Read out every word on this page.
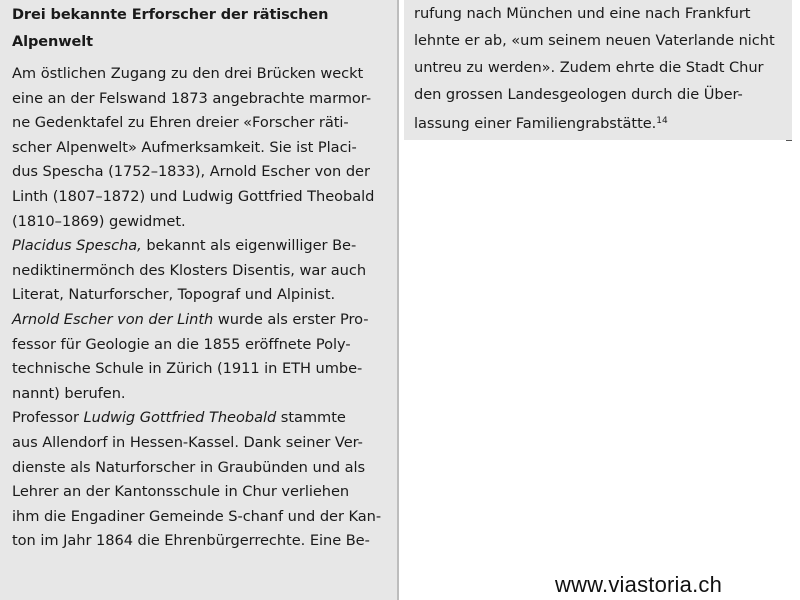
Drei bekannte Erforscher der rätischen
Alpenwelt
Am östlichen Zugang zu den drei Brücken weckt
eine an der Felswand 1873 angebrachte marmor-
ne Gedenktafel zu Ehren dreier «Forscher räti-
scher Alpenwelt» Aufmerksamkeit. Sie ist Placi-
dus Spescha (1752–1833), Arnold Escher von der
Linth (1807–1872) und Ludwig Gottfried Theobald
(1810–1869) gewidmet.
Placidus Spescha, bekannt als eigenwilliger Be-
nediktinermönch des Klosters Disentis, war auch
Literat, Naturforscher, Topograf und Alpinist.
Arnold Escher von der Linth wurde als erster Pro-
fessor für Geologie an die 1855 eröffnete Poly-
technische Schule in Zürich (1911 in ETH umbe-
nannt) berufen.
Professor Ludwig Gottfried Theobald stammte
aus Allendorf in Hessen-Kassel. Dank seiner Ver-
dienste als Naturforscher in Graubünden und als
Lehrer an der Kantonsschule in Chur verliehen
ihm die Engadiner Gemeinde S-chanf und der Kan-
ton im Jahr 1864 die Ehrenbürgerrechte. Eine Be-
rufung nach München und eine nach Frankfurt
lehnte er ab, «um seinem neuen Vaterlande nicht
untreu zu werden». Zudem ehrte die Stadt Chur
den grossen Landesgeologen durch die Über-
lassung einer Familiengrabstätte.$^{14}$
www.viastoria.ch
